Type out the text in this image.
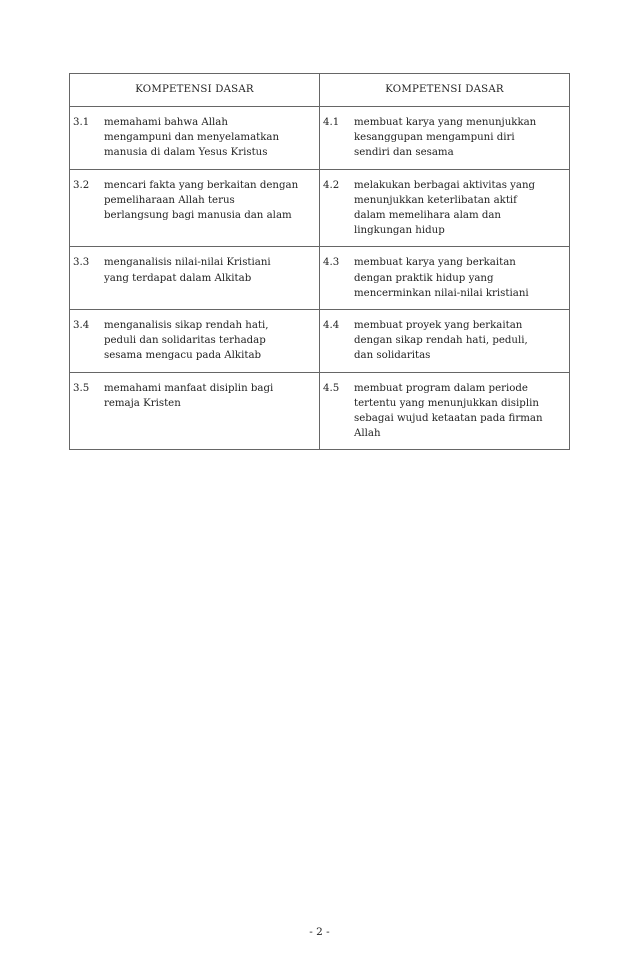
KOMPETENSI DASAR	KOMPETENSI DASAR

3.1 memahami bahwa Allah
mengampuni dan menyelamatkan
manusia di dalam Yesus Kristus	4.1 membuat karya yang menunjukkan
kesanggupan mengampuni diri
sendiri dan sesama

3.2 mencari fakta yang berkaitan dengan
pemeliharaan Allah terus
berlangsung bagi manusia dan alam	4.2 melakukan berbagai aktivitas yang
menunjukkan keterlibatan aktif
dalam memelihara alam dan
lingkungan hidup

3.3 menganalisis nilai-nilai Kristiani
yang terdapat dalam Alkitab	4.3 membuat karya yang berkaitan
dengan praktik hidup yang
mencerminkan nilai-nilai kristiani

3.4 menganalisis sikap rendah hati,
peduli dan solidaritas terhadap
sesama mengacu pada Alkitab	4.4 membuat proyek yang berkaitan
dengan sikap rendah hati, peduli,
dan solidaritas

3.5 memahami manfaat disiplin bagi
remaja Kristen	4.5 membuat program dalam periode
tertentu yang menunjukkan disiplin
sebagai wujud ketaatan pada firman
Allah
- 2 -
